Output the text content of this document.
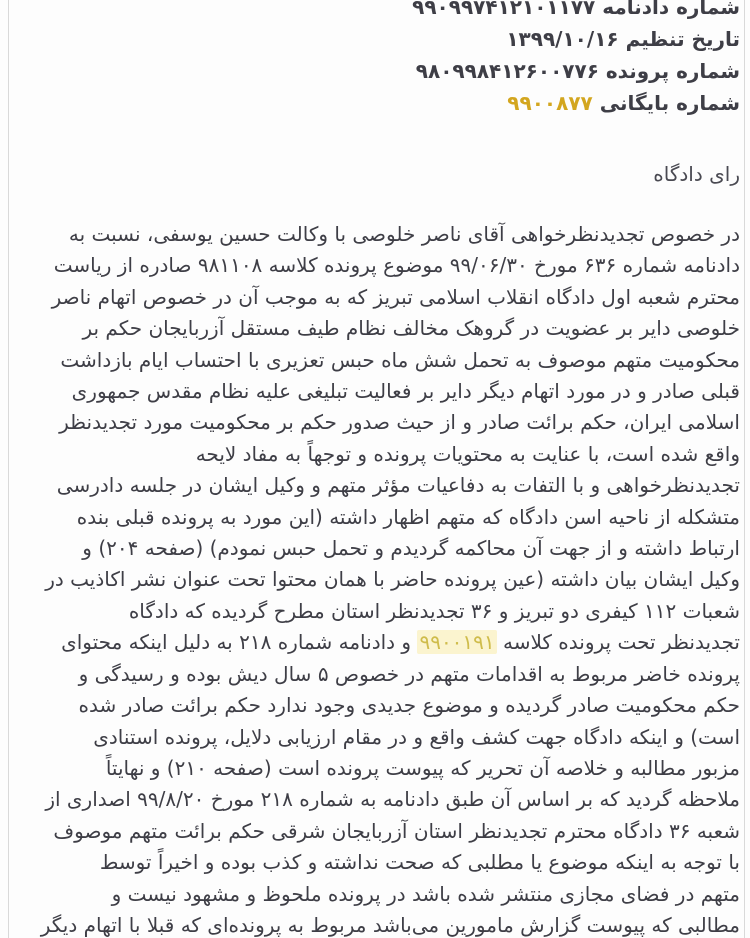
شماره دادنامه ۹۹۰۹۹۷۴۱۲۱۰۱۱۷۷
تاریخ تنظیم ۱۳۹۹/۱۰/۱۶
شماره پرونده ۹۸۰۹۹۸۴۱۲۶۰۰۷۷۶
شماره بایگانی ۹۹۰۰۸۷۷
رای دادگاه
در خصوص تجدیدنظرخواهی آقای ناصر خلوصی با وکالت حسین یوسفی، نسبت به
دادنامه شماره ۶۳۶ مورخ ۹۹/۰۶/۳۰ موضوع پرونده کلاسه ۹۸۱۱۰۸ صادره از ریاست
محترم شعبه اول دادگاه انقلاب اسلامی تبریز که به موجب آن در خصوص اتهام ناصر
خلوصی دایر بر عضویت در گروهک مخالف نظام طیف مستقل آزربایجان حکم بر
محکومیت متهم موصوف به تحمل شش ماه حبس تعزیری با احتساب ایام بازداشت
قبلی صادر و در مورد اتهام دیگر دایر بر فعالیت تبلیغی علیه نظام مقدس جمهوری
اسلامی ایران، حکم برائت صادر و از حیث صدور حکم بر محکومیت مورد تجدیدنظر
واقع شده است، با عنایت به محتویات پرونده و توجهاً به مفاد لایحه
تجدیدنظرخواهی و با التفات به دفاعیات مؤثر متهم و وکیل ایشان در جلسه دادرسی
متشکله از ناحیه اسن دادگاه که متهم اظهار داشته (این مورد به پرونده قبلی بنده
ارتباط داشته و از جهت آن محاکمه گردیدم و تحمل حبس نمودم) (صفحه ۲۰۴) و
وکیل ایشان بیان داشته (عین پرونده حاضر با همان محتوا تحت عنوان نشر اکاذیب در
شعبات ۱۱۲ کیفری دو تبریز و ۳۶ تجدیدنظر استان مطرح گردیده که دادگاه
تجدیدنظر تحت پرونده کلاسه ۹۹۰۰۱۹۱ و دادنامه شماره ۲۱۸ به دلیل اینکه محتوای
پرونده خاضر مربوط به اقدامات متهم در خصوص ۵ سال دیش بوده و رسیدگی و
حکم محکومیت صادر گردیده و موضوع جدیدی وجود ندارد حکم برائت صادر شده
است) و اینکه دادگاه جهت کشف واقع و در مقام ارزیابی دلایل، پرونده استنادی
مزبور مطالبه و خلاصه آن تحریر که پیوست پرونده است (صفحه ۲۱۰) و نهایتاً
ملاحظه گردید که بر اساس آن طبق دادنامه به شماره ۲۱۸ مورخ ۹۹/۸/۲۰ اصداری از
شعبه ۳۶ دادگاه محترم تجدیدنظر استان آزربایجان شرقی حکم برائت متهم موصوف
با توجه به اینکه موضوع یا مطلبی که صحت نداشته و کذب بوده و اخیراً توسط
متهم در فضای مجازی منتشر شده باشد در پرونده ملحوظ و مشهود نیست و
مطالبی که پیوست گزارش مامورین می‌باشد مربوط به پرونده‌ای که قبلا با اتهام دیگر
